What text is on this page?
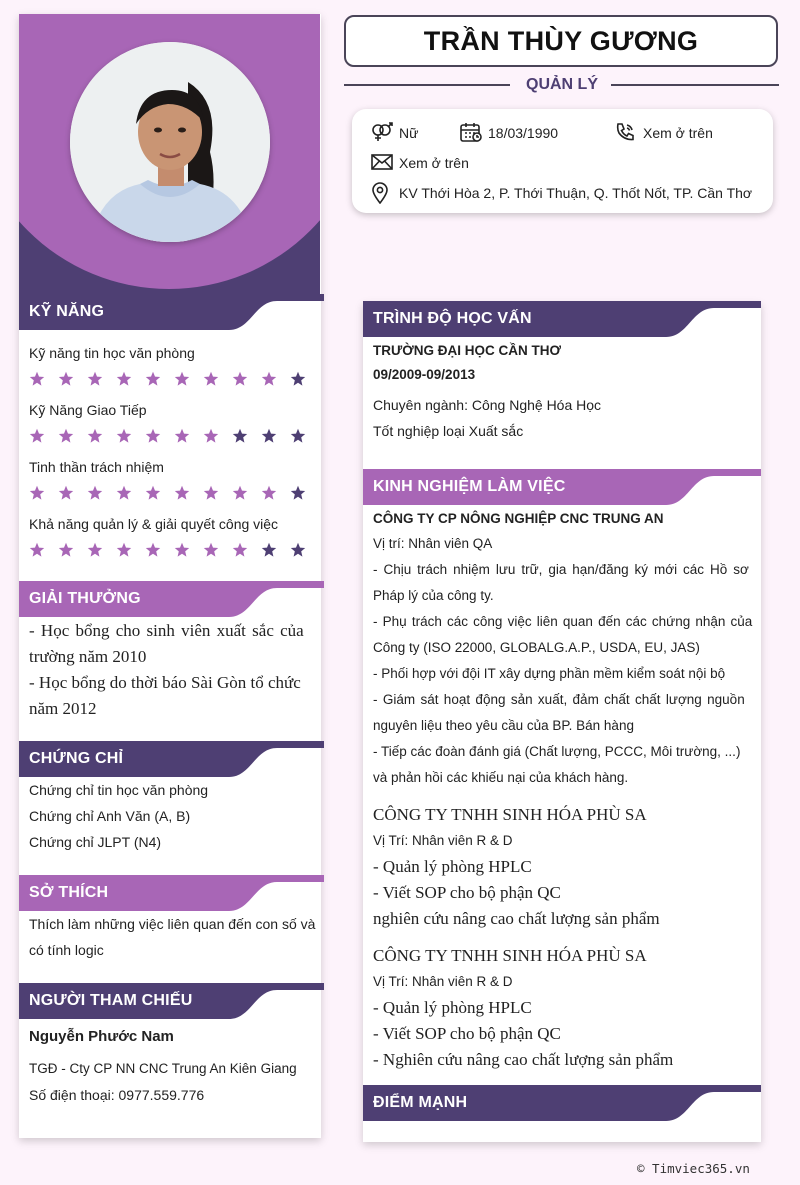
KỸ NĂNG
Kỹ năng tin học văn phòng
Kỹ Năng Giao Tiếp
Tinh thần trách nhiệm
Khả năng quản lý & giải quyết công việc
GIẢI THƯỞNG
- Học bổng cho sinh viên xuất sắc của
trường năm 2010
- Học bổng do thời báo Sài Gòn tổ chức
năm 2012
CHỨNG CHỈ
Chứng chỉ tin học văn phòng
Chứng chỉ Anh Văn (A, B)
Chứng chỉ JLPT (N4)
SỞ THÍCH
Thích làm những việc liên quan đến con số và
có tính logic
NGƯỜI THAM CHIẾU
Nguyễn Phước Nam
TGĐ - Cty CP NN CNC Trung An Kiên Giang
Số điện thoại: 0977.559.776
TRẦN THÙY GƯƠNG
QUẢN LÝ
Nữ	18/03/1990	Xem ở trên
Xem ở trên
KV Thới Hòa 2, P. Thới Thuận, Q. Thốt Nốt, TP. Cần Thơ
TRÌNH ĐỘ HỌC VẤN
TRƯỜNG ĐẠI HỌC CẦN THƠ
09/2009-09/2013
Chuyên ngành: Công Nghệ Hóa Học
Tốt nghiệp loại Xuất sắc
KINH NGHIỆM LÀM VIỆC
CÔNG TY CP NÔNG NGHIỆP CNC TRUNG AN
Vị trí: Nhân viên QA
- Chịu trách nhiệm lưu trữ, gia hạn/đăng ký mới các Hồ sơ
Pháp lý của công ty.
- Phụ trách các công việc liên quan đến các chứng nhận của
Công ty (ISO 22000, GLOBALG.A.P., USDA, EU, JAS)
- Phối hợp với đội IT xây dựng phần mềm kiểm soát nội bộ
- Giám sát hoạt động sản xuất, đảm chất chất lượng nguồn
nguyên liệu theo yêu cầu của BP. Bán hàng
- Tiếp các đoàn đánh giá (Chất lượng, PCCC, Môi trường, ...)
và phản hồi các khiếu nại của khách hàng.
CÔNG TY TNHH SINH HÓA PHÙ SA
Vị Trí: Nhân viên R & D
- Quản lý phòng HPLC
- Viết SOP cho bộ phận QC
nghiên cứu nâng cao chất lượng sản phẩm
CÔNG TY TNHH SINH HÓA PHÙ SA
Vị Trí: Nhân viên R & D
- Quản lý phòng HPLC
- Viết SOP cho bộ phận QC
- Nghiên cứu nâng cao chất lượng sản phẩm
ĐIỂM MẠNH
© Timviec365.vn
